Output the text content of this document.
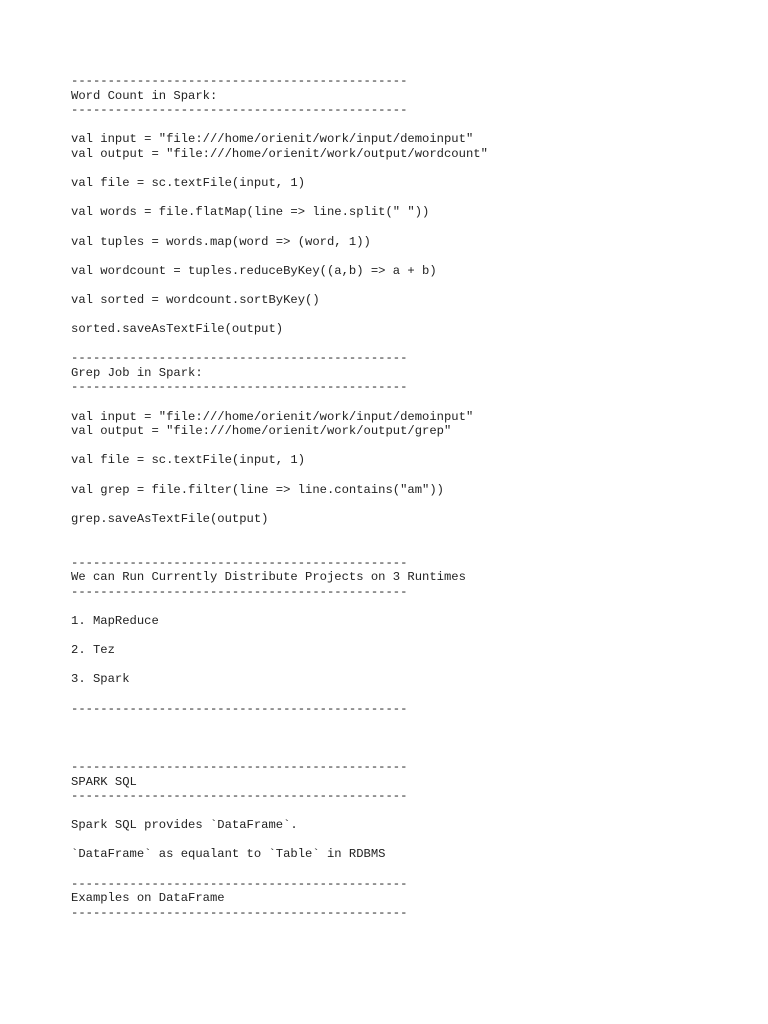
----------------------------------------------
Word Count in Spark:
----------------------------------------------
val input = "file:///home/orienit/work/input/demoinput"
val output = "file:///home/orienit/work/output/wordcount"
val file = sc.textFile(input, 1)
val words = file.flatMap(line => line.split(" "))
val tuples = words.map(word => (word, 1))
val wordcount = tuples.reduceByKey((a,b) => a + b)
val sorted = wordcount.sortByKey()
sorted.saveAsTextFile(output)
----------------------------------------------
Grep Job in Spark:
----------------------------------------------
val input = "file:///home/orienit/work/input/demoinput"
val output = "file:///home/orienit/work/output/grep"
val file = sc.textFile(input, 1)
val grep = file.filter(line => line.contains("am"))
grep.saveAsTextFile(output)
----------------------------------------------
We can Run Currently Distribute Projects on 3 Runtimes
----------------------------------------------
1. MapReduce
2. Tez
3. Spark
----------------------------------------------
----------------------------------------------
SPARK SQL
----------------------------------------------
Spark SQL provides `DataFrame`.
`DataFrame` as equalant to `Table` in RDBMS
----------------------------------------------
Examples on DataFrame
----------------------------------------------
